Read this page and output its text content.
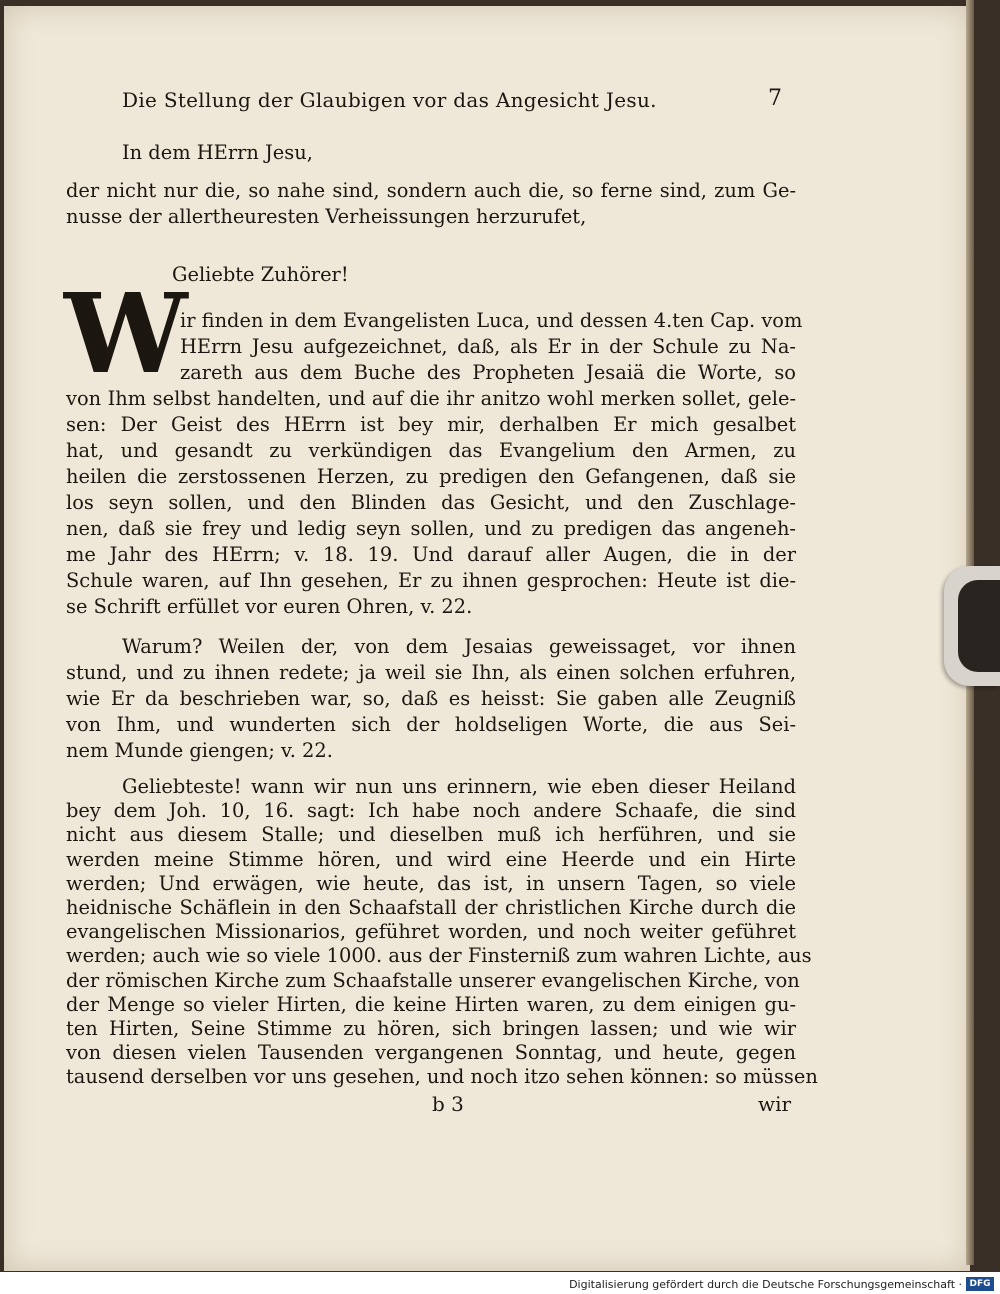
Die Stellung der Glaubigen vor das Angesicht Jesu.	7
In dem HErrn Jesu,
der nicht nur die, so nahe sind, sondern auch die, so ferne sind, zum Ge-
nusse der allertheuresten Verheissungen herzurufet,
Geliebte Zuhörer!
W
ir finden in dem Evangelisten Luca, und dessen 4.ten Cap. vom
HErrn Jesu aufgezeichnet, daß, als Er in der Schule zu Na-
zareth aus dem Buche des Propheten Jesaiä die Worte, so
von Ihm selbst handelten, und auf die ihr anitzo wohl merken sollet, gele-
sen: Der Geist des HErrn ist bey mir, derhalben Er mich gesalbet
hat, und gesandt zu verkündigen das Evangelium den Armen, zu
heilen die zerstossenen Herzen, zu predigen den Gefangenen, daß sie
los seyn sollen, und den Blinden das Gesicht, und den Zuschlage-
nen, daß sie frey und ledig seyn sollen, und zu predigen das angeneh-
me Jahr des HErrn; v. 18. 19. Und darauf aller Augen, die in der
Schule waren, auf Ihn gesehen, Er zu ihnen gesprochen: Heute ist die-
se Schrift erfüllet vor euren Ohren, v. 22.
Warum? Weilen der, von dem Jesaias geweissaget, vor ihnen
stund, und zu ihnen redete; ja weil sie Ihn, als einen solchen erfuhren,
wie Er da beschrieben war, so, daß es heisst: Sie gaben alle Zeugniß
von Ihm, und wunderten sich der holdseligen Worte, die aus Sei-
nem Munde giengen; v. 22.
Geliebteste! wann wir nun uns erinnern, wie eben dieser Heiland
bey dem Joh. 10, 16. sagt: Ich habe noch andere Schaafe, die sind
nicht aus diesem Stalle; und dieselben muß ich herführen, und sie
werden meine Stimme hören, und wird eine Heerde und ein Hirte
werden; Und erwägen, wie heute, das ist, in unsern Tagen, so viele
heidnische Schäflein in den Schaafstall der christlichen Kirche durch die
evangelischen Missionarios, geführet worden, und noch weiter geführet
werden; auch wie so viele 1000. aus der Finsterniß zum wahren Lichte, aus
der römischen Kirche zum Schaafstalle unserer evangelischen Kirche, von
der Menge so vieler Hirten, die keine Hirten waren, zu dem einigen gu-
ten Hirten, Seine Stimme zu hören, sich bringen lassen; und wie wir
von diesen vielen Tausenden vergangenen Sonntag, und heute, gegen
tausend derselben vor uns gesehen, und noch itzo sehen können: so müssen
b 3	wir
Digitalisierung gefördert durch die Deutsche Forschungsgemeinschaft · DFG
